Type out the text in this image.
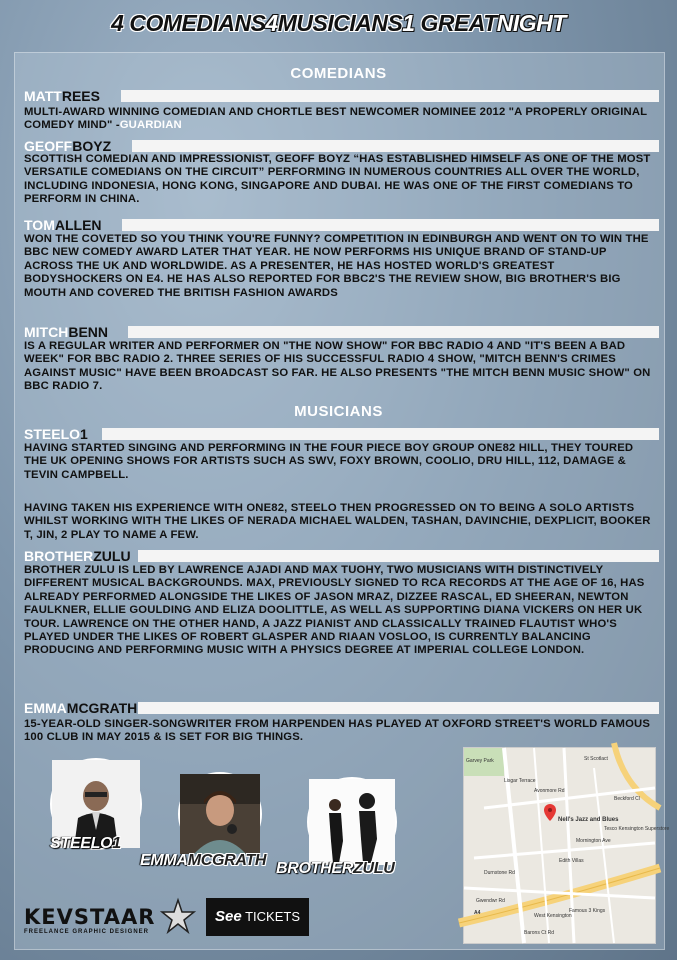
4 COMEDIANS4MUSICIANS1 GREATNIGHT
COMEDIANS
MATTREES
MULTI-AWARD WINNING COMEDIAN AND CHORTLE BEST NEWCOMER NOMINEE 2012 "A PROPERLY ORIGINAL COMEDY MIND" -GUARDIAN
GEOFFBOYZ
SCOTTISH COMEDIAN AND IMPRESSIONIST, GEOFF BOYZ “HAS ESTABLISHED HIMSELF AS ONE OF THE MOST VERSATILE COMEDIANS ON THE CIRCUIT” PERFORMING IN NUMEROUS COUNTRIES ALL OVER THE WORLD, INCLUDING INDONESIA, HONG KONG, SINGAPORE AND DUBAI. HE WAS ONE OF THE FIRST COMEDIANS TO PERFORM IN CHINA.
TOMALLEN
WON THE COVETED SO YOU THINK YOU'RE FUNNY? COMPETITION IN EDINBURGH AND WENT ON TO WIN THE BBC NEW COMEDY AWARD LATER THAT YEAR. HE NOW PERFORMS HIS UNIQUE BRAND OF STAND-UP ACROSS THE UK AND WORLDWIDE. AS A PRESENTER, HE HAS HOSTED WORLD'S GREATEST BODYSHOCKERS ON E4. HE HAS ALSO REPORTED FOR BBC2'S THE REVIEW SHOW, BIG BROTHER'S BIG MOUTH AND COVERED THE BRITISH FASHION AWARDS
MITCHBENN
IS A REGULAR WRITER AND PERFORMER ON "THE NOW SHOW" FOR BBC RADIO 4 AND "IT'S BEEN A BAD WEEK" FOR BBC RADIO 2. THREE SERIES OF HIS SUCCESSFUL RADIO 4 SHOW, "MITCH BENN'S CRIMES AGAINST MUSIC" HAVE BEEN BROADCAST SO FAR. HE ALSO PRESENTS "THE MITCH BENN MUSIC SHOW" ON BBC RADIO 7.
MUSICIANS
STEELO1
HAVING STARTED SINGING AND PERFORMING IN THE FOUR PIECE BOY GROUP ONE82 HILL, THEY TOURED THE UK OPENING SHOWS FOR ARTISTS SUCH AS SWV, FOXY BROWN, COOLIO, DRU HILL, 112, DAMAGE & TEVIN CAMPBELL.
HAVING TAKEN HIS EXPERIENCE WITH ONE82, STEELO THEN PROGRESSED ON TO BEING A SOLO ARTISTS WHILST WORKING WITH THE LIKES OF NERADA MICHAEL WALDEN, TASHAN, DAVINCHIE, DEXPLICIT, BOOKER T, JIN, 2 PLAY TO NAME A FEW.
BROTHERZULU
BROTHER ZULU IS LED BY LAWRENCE AJADI AND MAX TUOHY, TWO MUSICIANS WITH DISTINCTIVELY DIFFERENT MUSICAL BACKGROUNDS. MAX, PREVIOUSLY SIGNED TO RCA RECORDS AT THE AGE OF 16, HAS ALREADY PERFORMED ALONGSIDE THE LIKES OF JASON MRAZ, DIZZEE RASCAL, ED SHEERAN, NEWTON FAULKNER, ELLIE GOULDING AND ELIZA DOOLITTLE, AS WELL AS SUPPORTING DIANA VICKERS ON HER UK TOUR. LAWRENCE ON THE OTHER HAND, A JAZZ PIANIST AND CLASSICALLY TRAINED FLAUTIST WHO'S PLAYED UNDER THE LIKES OF ROBERT GLASPER AND RIAAN VOSLOO, IS CURRENTLY BALANCING PRODUCING AND PERFORMING MUSIC WITH A PHYSICS DEGREE AT IMPERIAL COLLEGE LONDON.
EMMAMCGRATH
15-YEAR-OLD SINGER-SONGWRITER FROM HARPENDEN HAS PLAYED AT OXFORD STREET'S WORLD FAMOUS 100 CLUB IN MAY 2015 & IS SET FOR BIG THINGS.
STEELO1
EMMAMCGRATH BROTHERZULU
Nell's Jazz and Blues
St Scotlact
Avonmore Rd
Lisgar Terrace
Beckford Cl
Mornington Ave
Edith Villas
Gwendwr Rd
Durnstone Rd
West Kensington
Barons Ct Rd
Famous 3 Kings
A4
Tesco Kensington Superstore
Garvey Park
KEVSTAAR
FREELANCE GRAPHIC DESIGNER
See TICKETS
